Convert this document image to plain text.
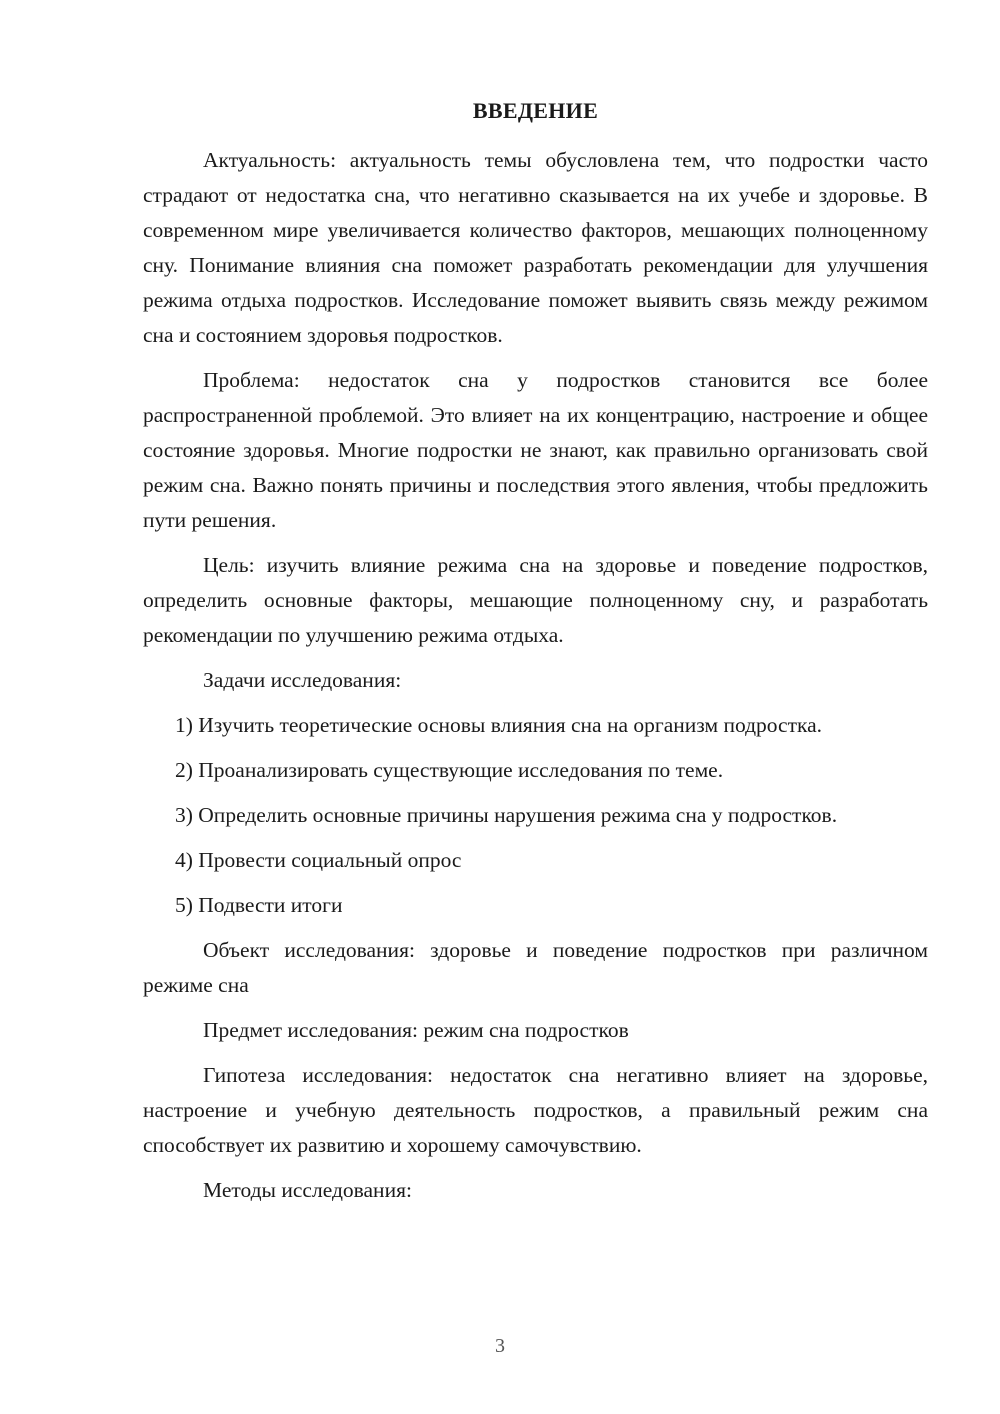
ВВЕДЕНИЕ

Актуальность: актуальность темы обусловлена тем, что подростки часто страдают от недостатка сна, что негативно сказывается на их учебе и здоровье. В современном мире увеличивается количество факторов, мешающих полноценному сну. Понимание влияния сна поможет разработать рекомендации для улучшения режима отдыха подростков. Исследование поможет выявить связь между режимом сна и состоянием здоровья подростков.

Проблема: недостаток сна у подростков становится все более распространенной проблемой. Это влияет на их концентрацию, настроение и общее состояние здоровья. Многие подростки не знают, как правильно организовать свой режим сна. Важно понять причины и последствия этого явления, чтобы предложить пути решения.

Цель: изучить влияние режима сна на здоровье и поведение подростков, определить основные факторы, мешающие полноценному сну, и разработать рекомендации по улучшению режима отдыха.

Задачи исследования:

1) Изучить теоретические основы влияния сна на организм подростка.

2) Проанализировать существующие исследования по теме.

3) Определить основные причины нарушения режима сна у подростков.

4) Провести социальный опрос

5) Подвести итоги

Объект исследования: здоровье и поведение подростков при различном режиме сна

Предмет исследования: режим сна подростков

Гипотеза исследования: недостаток сна негативно влияет на здоровье, настроение и учебную деятельность подростков, а правильный режим сна способствует их развитию и хорошему самочувствию.

Методы исследования:

3
